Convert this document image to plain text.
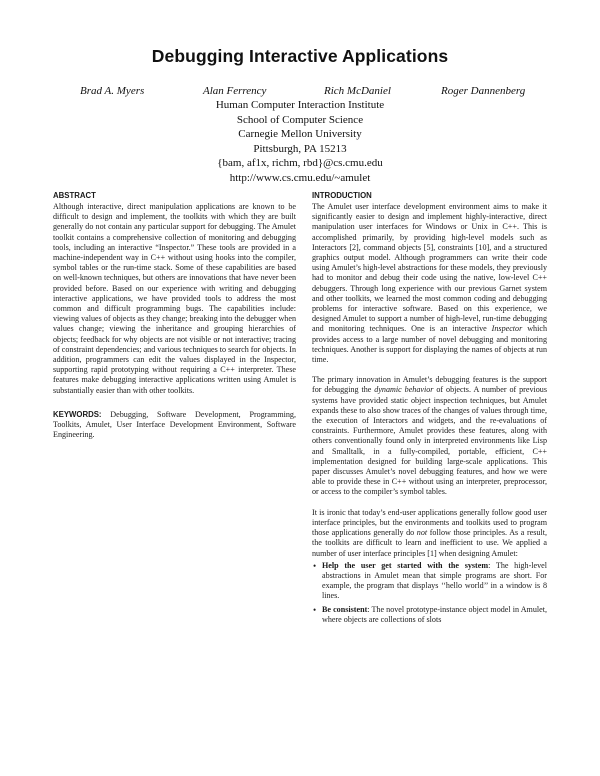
Debugging Interactive Applications
Brad A. Myers	Alan Ferrency	Rich McDaniel	Roger Dannenberg
Human Computer Interaction Institute
School of Computer Science
Carnegie Mellon University
Pittsburgh, PA 15213
{bam, af1x, richm, rbd}@cs.cmu.edu
http://www.cs.cmu.edu/~amulet
ABSTRACT

Although interactive, direct manipulation applications are known to be difficult to design and implement, the toolkits with which they are built generally do not contain any particular support for debugging. The Amulet toolkit contains a comprehensive collection of monitoring and debugging tools, including an interactive “Inspector.” These tools are provided in a machine-independent way in C++ without using hooks into the compiler, symbol tables or the run-time stack. Some of these capabilities are based on well-known techniques, but others are innovations that have never been provided before. Based on our experience with writing and debugging interactive applications, we have provided tools to address the most common and difficult programming bugs. The capabilities include: viewing values of objects as they change; breaking into the debugger when values change; viewing the inheritance and grouping hierarchies of objects; feedback for why objects are not visible or not interactive; tracing of constraint dependencies; and various techniques to search for objects. In addition, programmers can edit the values displayed in the Inspector, supporting rapid prototyping without requiring a C++ interpreter. These features make debugging interactive applications written using Amulet is substantially easier than with other toolkits.

KEYWORDS: Debugging, Software Development, Programming, Toolkits, Amulet, User Interface Development Environment, Software Engineering.

INTRODUCTION

The Amulet user interface development environment aims to make it significantly easier to design and implement highly-interactive, direct manipulation user interfaces for Windows or Unix in C++. This is accomplished primarily, by providing high-level models such as Interactors [2], command objects [5], constraints [10], and a structured graphics output model. Although programmers can write their code using Amulet’s high-level abstractions for these models, they previously had to monitor and debug their code using the native, low-level C++ debuggers. Through long experience with our previous Garnet system and other toolkits, we learned the most common coding and debugging problems for interactive software. Based on this experience, we designed Amulet to support a number of high-level, run-time debugging and monitoring techniques. One is an interactive Inspector which provides access to a large number of novel debugging and monitoring techniques. Another is support for displaying the names of objects at run time.

The primary innovation in Amulet’s debugging features is the support for debugging the dynamic behavior of objects. A number of previous systems have provided static object inspection techniques, but Amulet expands these to also show traces of the changes of values through time, the execution of Interactors and widgets, and the re-evaluations of constraints. Furthermore, Amulet provides these features, along with others conventionally found only in interpreted environments like Lisp and Smalltalk, in a fully-compiled, portable, efficient, C++ implementation designed for building large-scale applications. This paper discusses Amulet’s novel debugging features, and how we were able to provide these in C++ without using an interpreter, preprocessor, or access to the compiler’s symbol tables.

It is ironic that today’s end-user applications generally follow good user interface principles, but the environments and toolkits used to program those applications generally do not follow those principles. As a result, the toolkits are difficult to learn and inefficient to use. We applied a number of user interface principles [1] when designing Amulet:

• Help the user get started with the system: The high-level abstractions in Amulet mean that simple programs are short. For example, the program that displays ‘‘hello world’’ in a window is 8 lines.
• Be consistent: The novel prototype-instance object model in Amulet, where objects are collections of slots
